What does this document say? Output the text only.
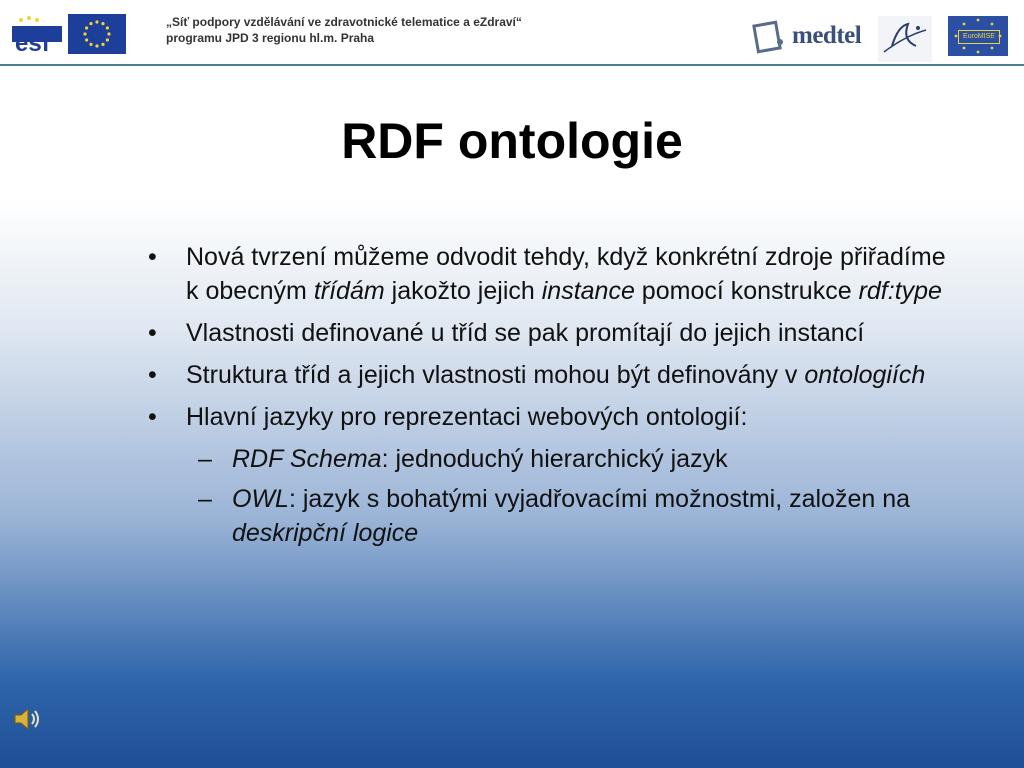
esf
„Síť podpory vzdělávání ve zdravotnické telematice a eZdraví“
programu JPD 3 regionu hl.m. Praha	medtel	EuroMISE
RDF ontologie
• Nová tvrzení můžeme odvodit tehdy, když konkrétní zdroje přiřadíme k obecným třídám jakožto jejich instance pomocí konstrukce rdf:type
• Vlastnosti definované u tříd se pak promítají do jejich instancí
• Struktura tříd a jejich vlastnosti mohou být definovány v ontologiích
• Hlavní jazyky pro reprezentaci webových ontologií:
– RDF Schema: jednoduchý hierarchický jazyk
– OWL: jazyk s bohatými vyjadřovacími možnostmi, založen na deskripční logice
